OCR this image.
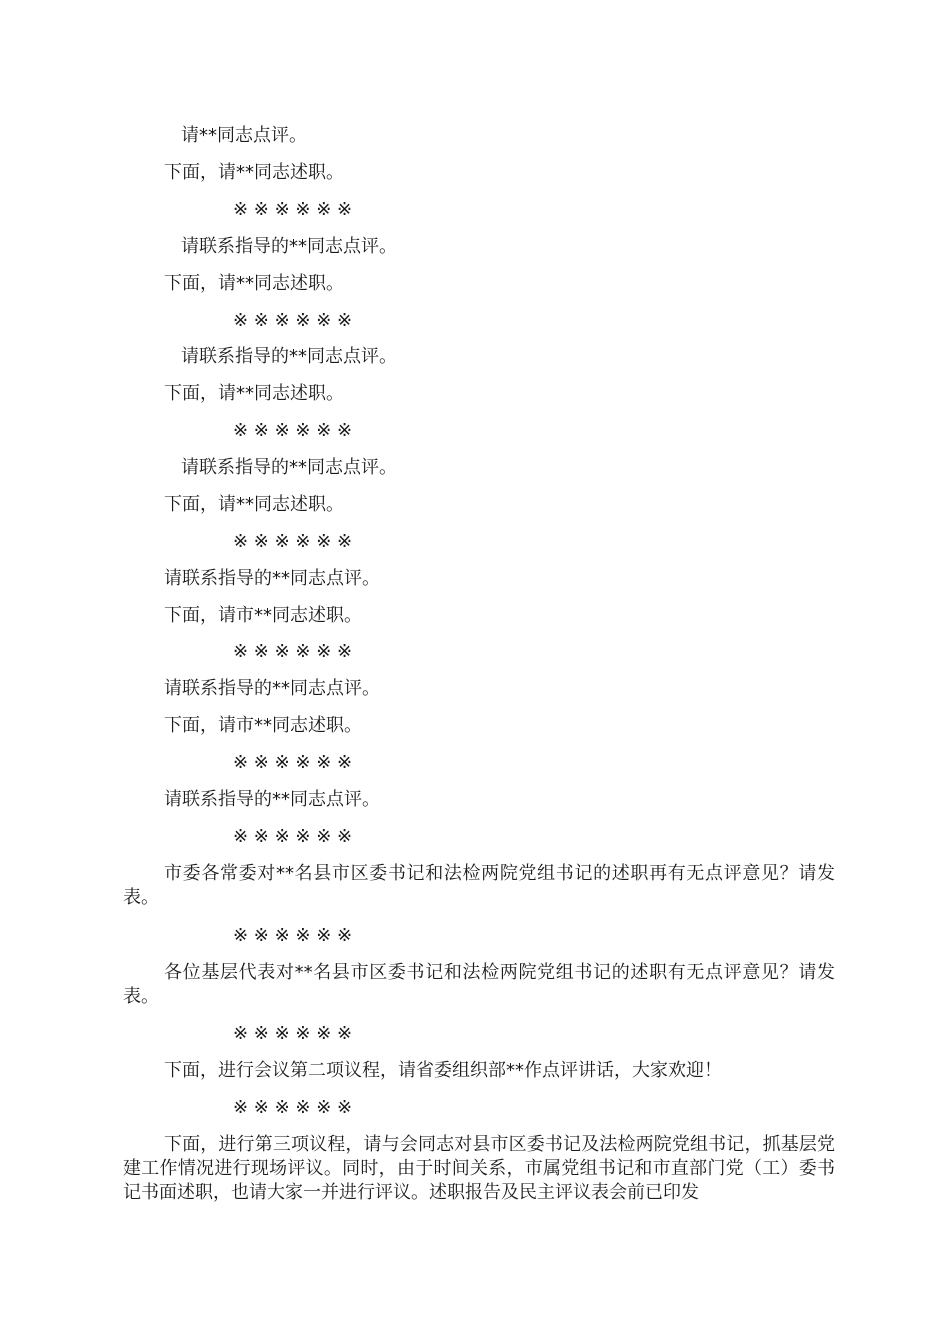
请**同志点评。

下面，请**同志述职。

※ ※ ※ ※ ※ ※

请联系指导的**同志点评。

下面，请**同志述职。

※ ※ ※ ※ ※ ※

请联系指导的**同志点评。

下面，请**同志述职。

※ ※ ※ ※ ※ ※

请联系指导的**同志点评。

下面，请**同志述职。

※ ※ ※ ※ ※ ※

请联系指导的**同志点评。

下面，请市**同志述职。

※ ※ ※ ※ ※ ※

请联系指导的**同志点评。

下面，请市**同志述职。

※ ※ ※ ※ ※ ※

请联系指导的**同志点评。

※ ※ ※ ※ ※ ※

市委各常委对**名县市区委书记和法检两院党组书记的述职再有无点评意见？请发表。

※ ※ ※ ※ ※ ※

各位基层代表对**名县市区委书记和法检两院党组书记的述职有无点评意见？请发表。

※ ※ ※ ※ ※ ※

下面，进行会议第二项议程，请省委组织部**作点评讲话，大家欢迎！

※ ※ ※ ※ ※ ※

下面，进行第三项议程，请与会同志对县市区委书记及法检两院党组书记，抓基层党建工作情况进行现场评议。同时，由于时间关系，市属党组书记和市直部门党（工）委书记书面述职，也请大家一并进行评议。述职报告及民主评议表会前已印发
